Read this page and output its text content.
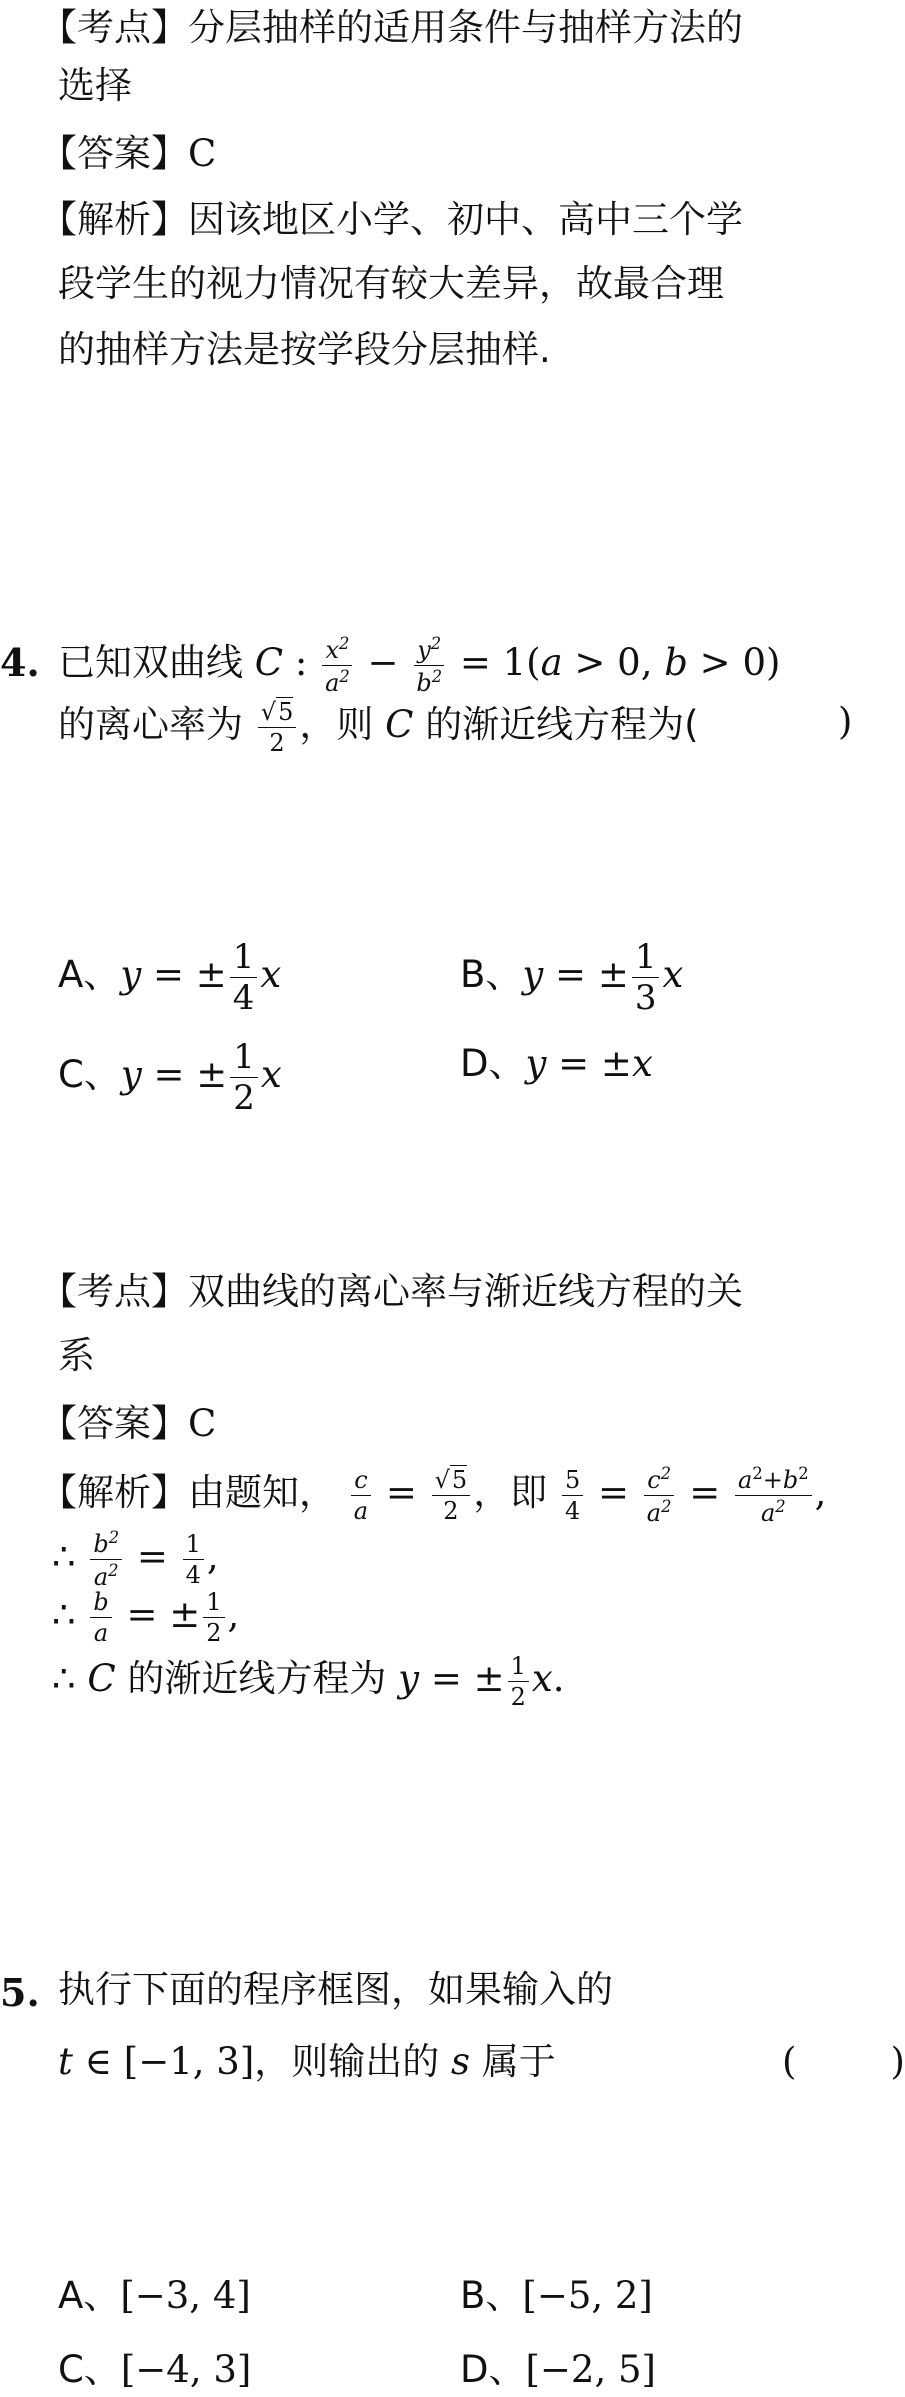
【考点】分层抽样的适用条件与抽样方法的
选择
【答案】C
【解析】因该地区小学、初中、高中三个学
段学生的视力情况有较大差异，故最合理
的抽样方法是按学段分层抽样.
4. 已知双曲线 C : $\frac{x^2}{a^2} - \frac{y^2}{b^2} = 1(a > 0$, b > 0)
的离心率为 $\frac{√5}{2}$ ，则 C 的渐近线方程为(	)
A、y = ± $\frac{1}{4}$ x	B、y = ± $\frac{1}{3}$ x
C、y = ± $\frac{1}{2}$ x	D、y = ±x
【考点】双曲线的离心率与渐近线方程的关
系
【答案】C
【解析】由题知， $\frac{c}{a} = \frac{√5}{2}$ ，即 $\frac{5}{4} = \frac{c^2}{a^2} = \frac{a^2+b^2}{a^2}$ ,
∴ $\frac{b^2}{a^2} = \frac{1}{4}$ ,
∴ $\frac{b}{a}$ = ± $\frac{1}{2}$ ,
∴ C 的渐近线方程为 y = ± $\frac{1}{2} x$.
5. 执行下面的程序框图，如果输入的
t ∈ [−1, 3]，则输出的 s 属于	(        )
A、[−3, 4]	B、[−5, 2]
C、[−4, 3]	D、[−2, 5]
